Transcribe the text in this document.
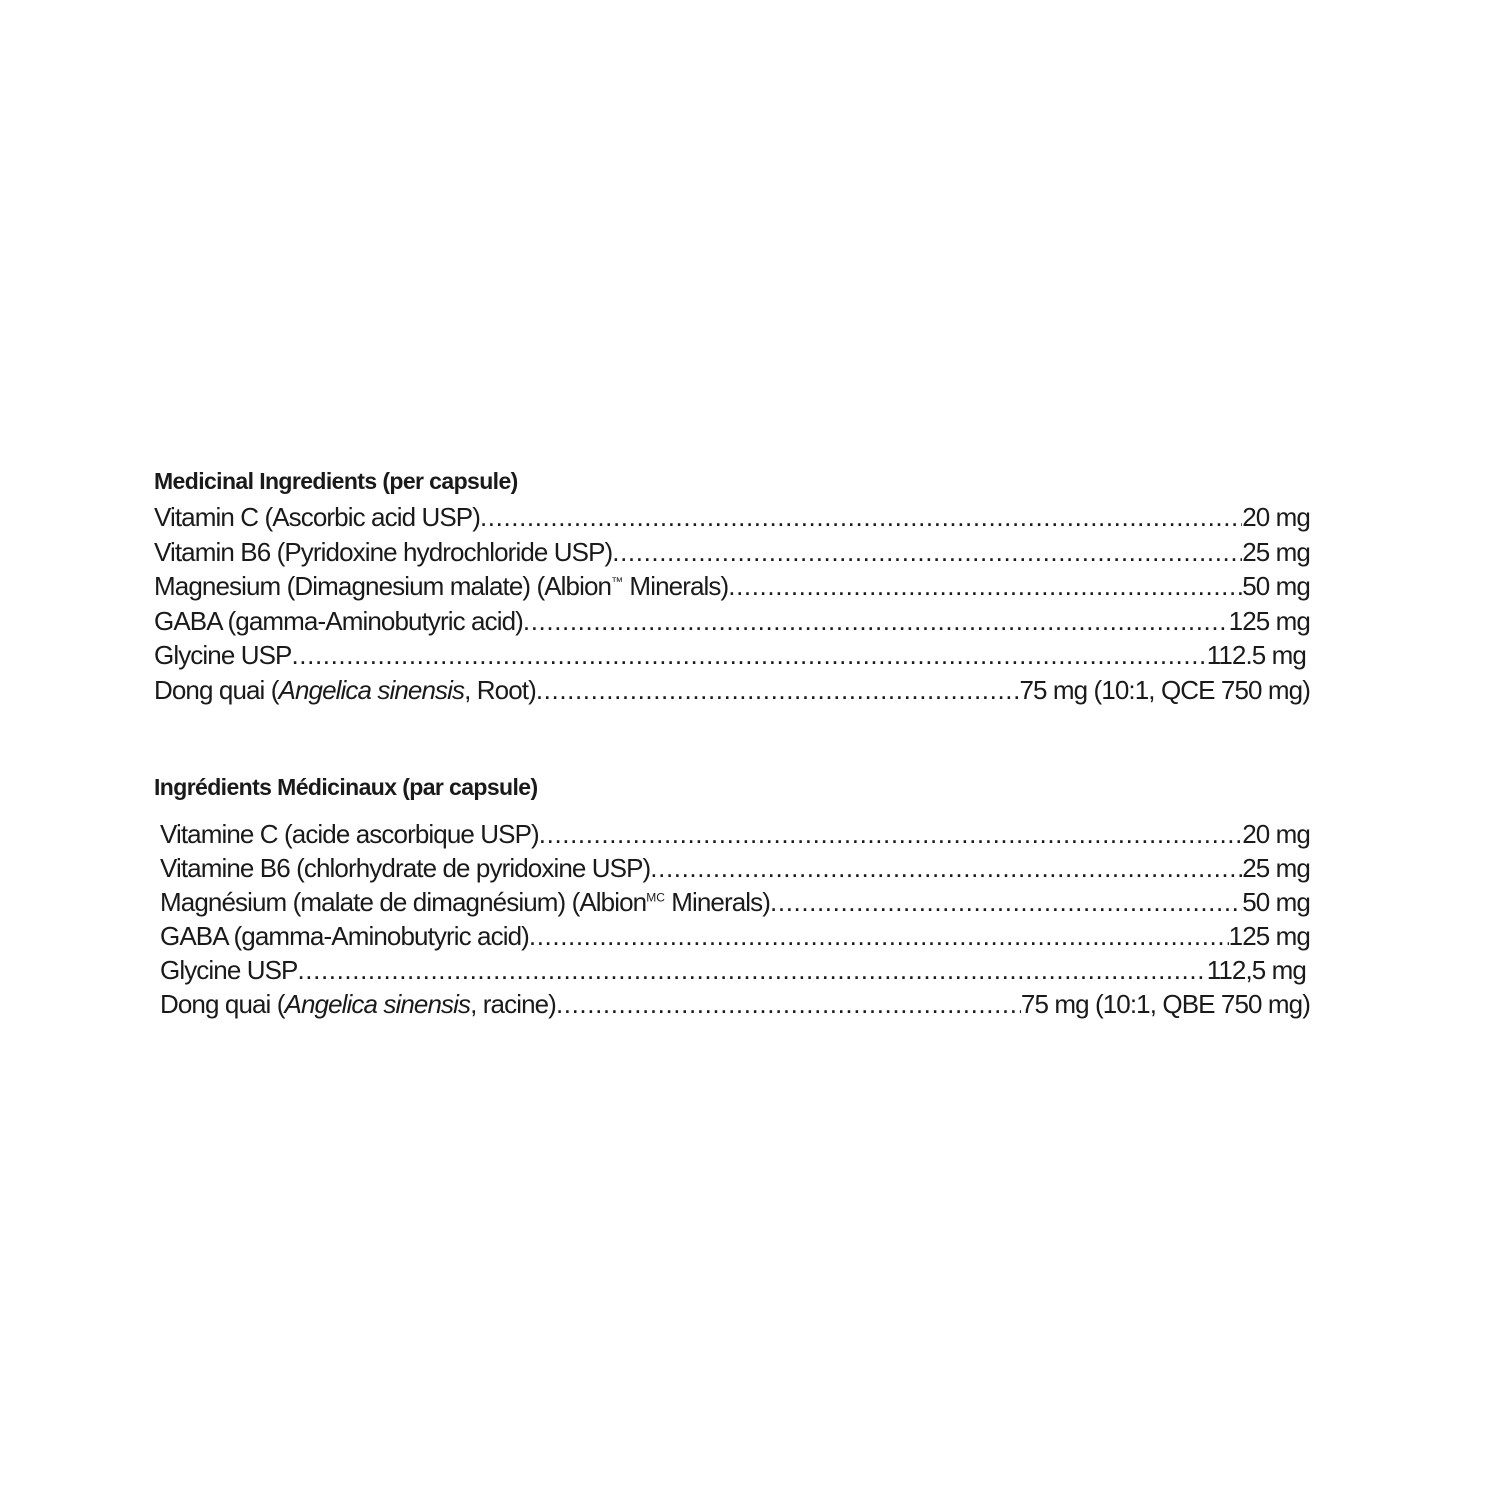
Medicinal Ingredients (per capsule)
Vitamin C (Ascorbic acid USP) .....	20 mg
Vitamin B6 (Pyridoxine hydrochloride USP) .....	25 mg
Magnesium (Dimagnesium malate) (Albion™ Minerals) .....	50 mg
GABA (gamma-Aminobutyric acid) .....	125 mg
Glycine USP .....	112.5 mg
Dong quai (Angelica sinensis, Root) .....	75 mg (10:1, QCE 750 mg)
Ingrédients Médicinaux (par capsule)
Vitamine C (acide ascorbique USP) .....	20 mg
Vitamine B6 (chlorhydrate de pyridoxine USP) .....	25 mg
Magnésium (malate de dimagnésium) (Albion$^{MC}$ Minerals) .....	50 mg
GABA (gamma-Aminobutyric acid) .....	125 mg
Glycine USP .....	112,5 mg
Dong quai (Angelica sinensis, racine) .....	75 mg (10:1, QBE 750 mg)
